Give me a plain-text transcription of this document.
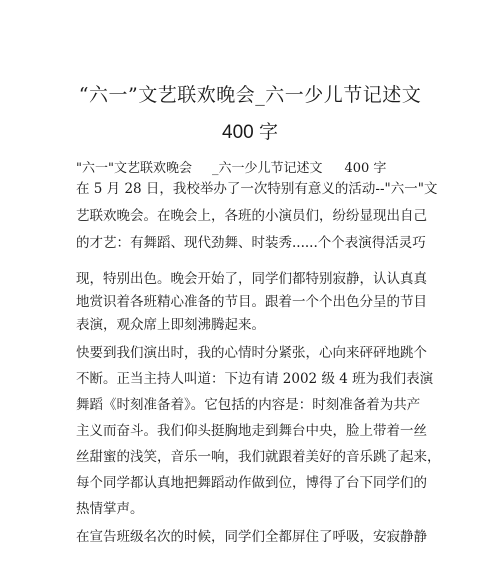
“六一”文艺联欢晚会_六一少儿节记述文
400 字
"六一"文艺联欢晚会 _六一少儿节记述文 400 字
在 5 月 28 日，我校举办了一次特别有意义的活动--"六一"文
艺联欢晚会。在晚会上，各班的小演员们，纷纷显现出自己
的才艺：有舞蹈、现代劲舞、时装秀......个个表演得活灵巧
现，特别出色。晚会开始了，同学们都特别寂静，认认真真
地赏识着各班精心准备的节目。跟着一个个出色分呈的节目
表演，观众席上即刻沸腾起来。
快要到我们演出时，我的心情时分紧张，心向来砰砰地跳个
不断。正当主持人叫道：下边有请 2002 级 4 班为我们表演
舞蹈《时刻准备着》。它包括的内容是：时刻准备着为共产
主义而奋斗。我们仰头挺胸地走到舞台中央，脸上带着一丝
丝甜蜜的浅笑，音乐一响，我们就跟着美好的音乐跳了起来，
每个同学都认真地把舞蹈动作做到位，博得了台下同学们的
热情掌声。
在宣告班级名次的时候，同学们全都屏住了呼吸，安寂静静
